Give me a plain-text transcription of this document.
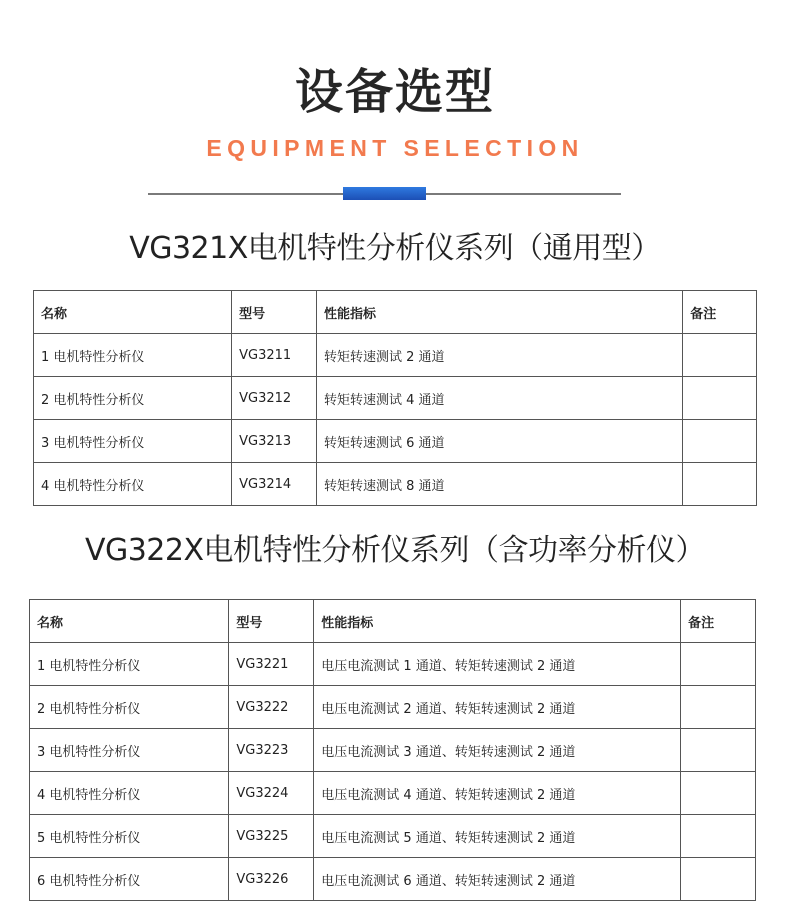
设备选型
EQUIPMENT SELECTION
VG321X电机特性分析仪系列（通用型）
名称	型号	性能指标	备注
1 电机特性分析仪	VG3211	转矩转速测试 2 通道	
2 电机特性分析仪	VG3212	转矩转速测试 4 通道	
3 电机特性分析仪	VG3213	转矩转速测试 6 通道	
4 电机特性分析仪	VG3214	转矩转速测试 8 通道	
VG322X电机特性分析仪系列（含功率分析仪）
名称	型号	性能指标	备注
1 电机特性分析仪	VG3221	电压电流测试 1 通道、转矩转速测试 2 通道	
2 电机特性分析仪	VG3222	电压电流测试 2 通道、转矩转速测试 2 通道	
3 电机特性分析仪	VG3223	电压电流测试 3 通道、转矩转速测试 2 通道	
4 电机特性分析仪	VG3224	电压电流测试 4 通道、转矩转速测试 2 通道	
5 电机特性分析仪	VG3225	电压电流测试 5 通道、转矩转速测试 2 通道	
6 电机特性分析仪	VG3226	电压电流测试 6 通道、转矩转速测试 2 通道	
